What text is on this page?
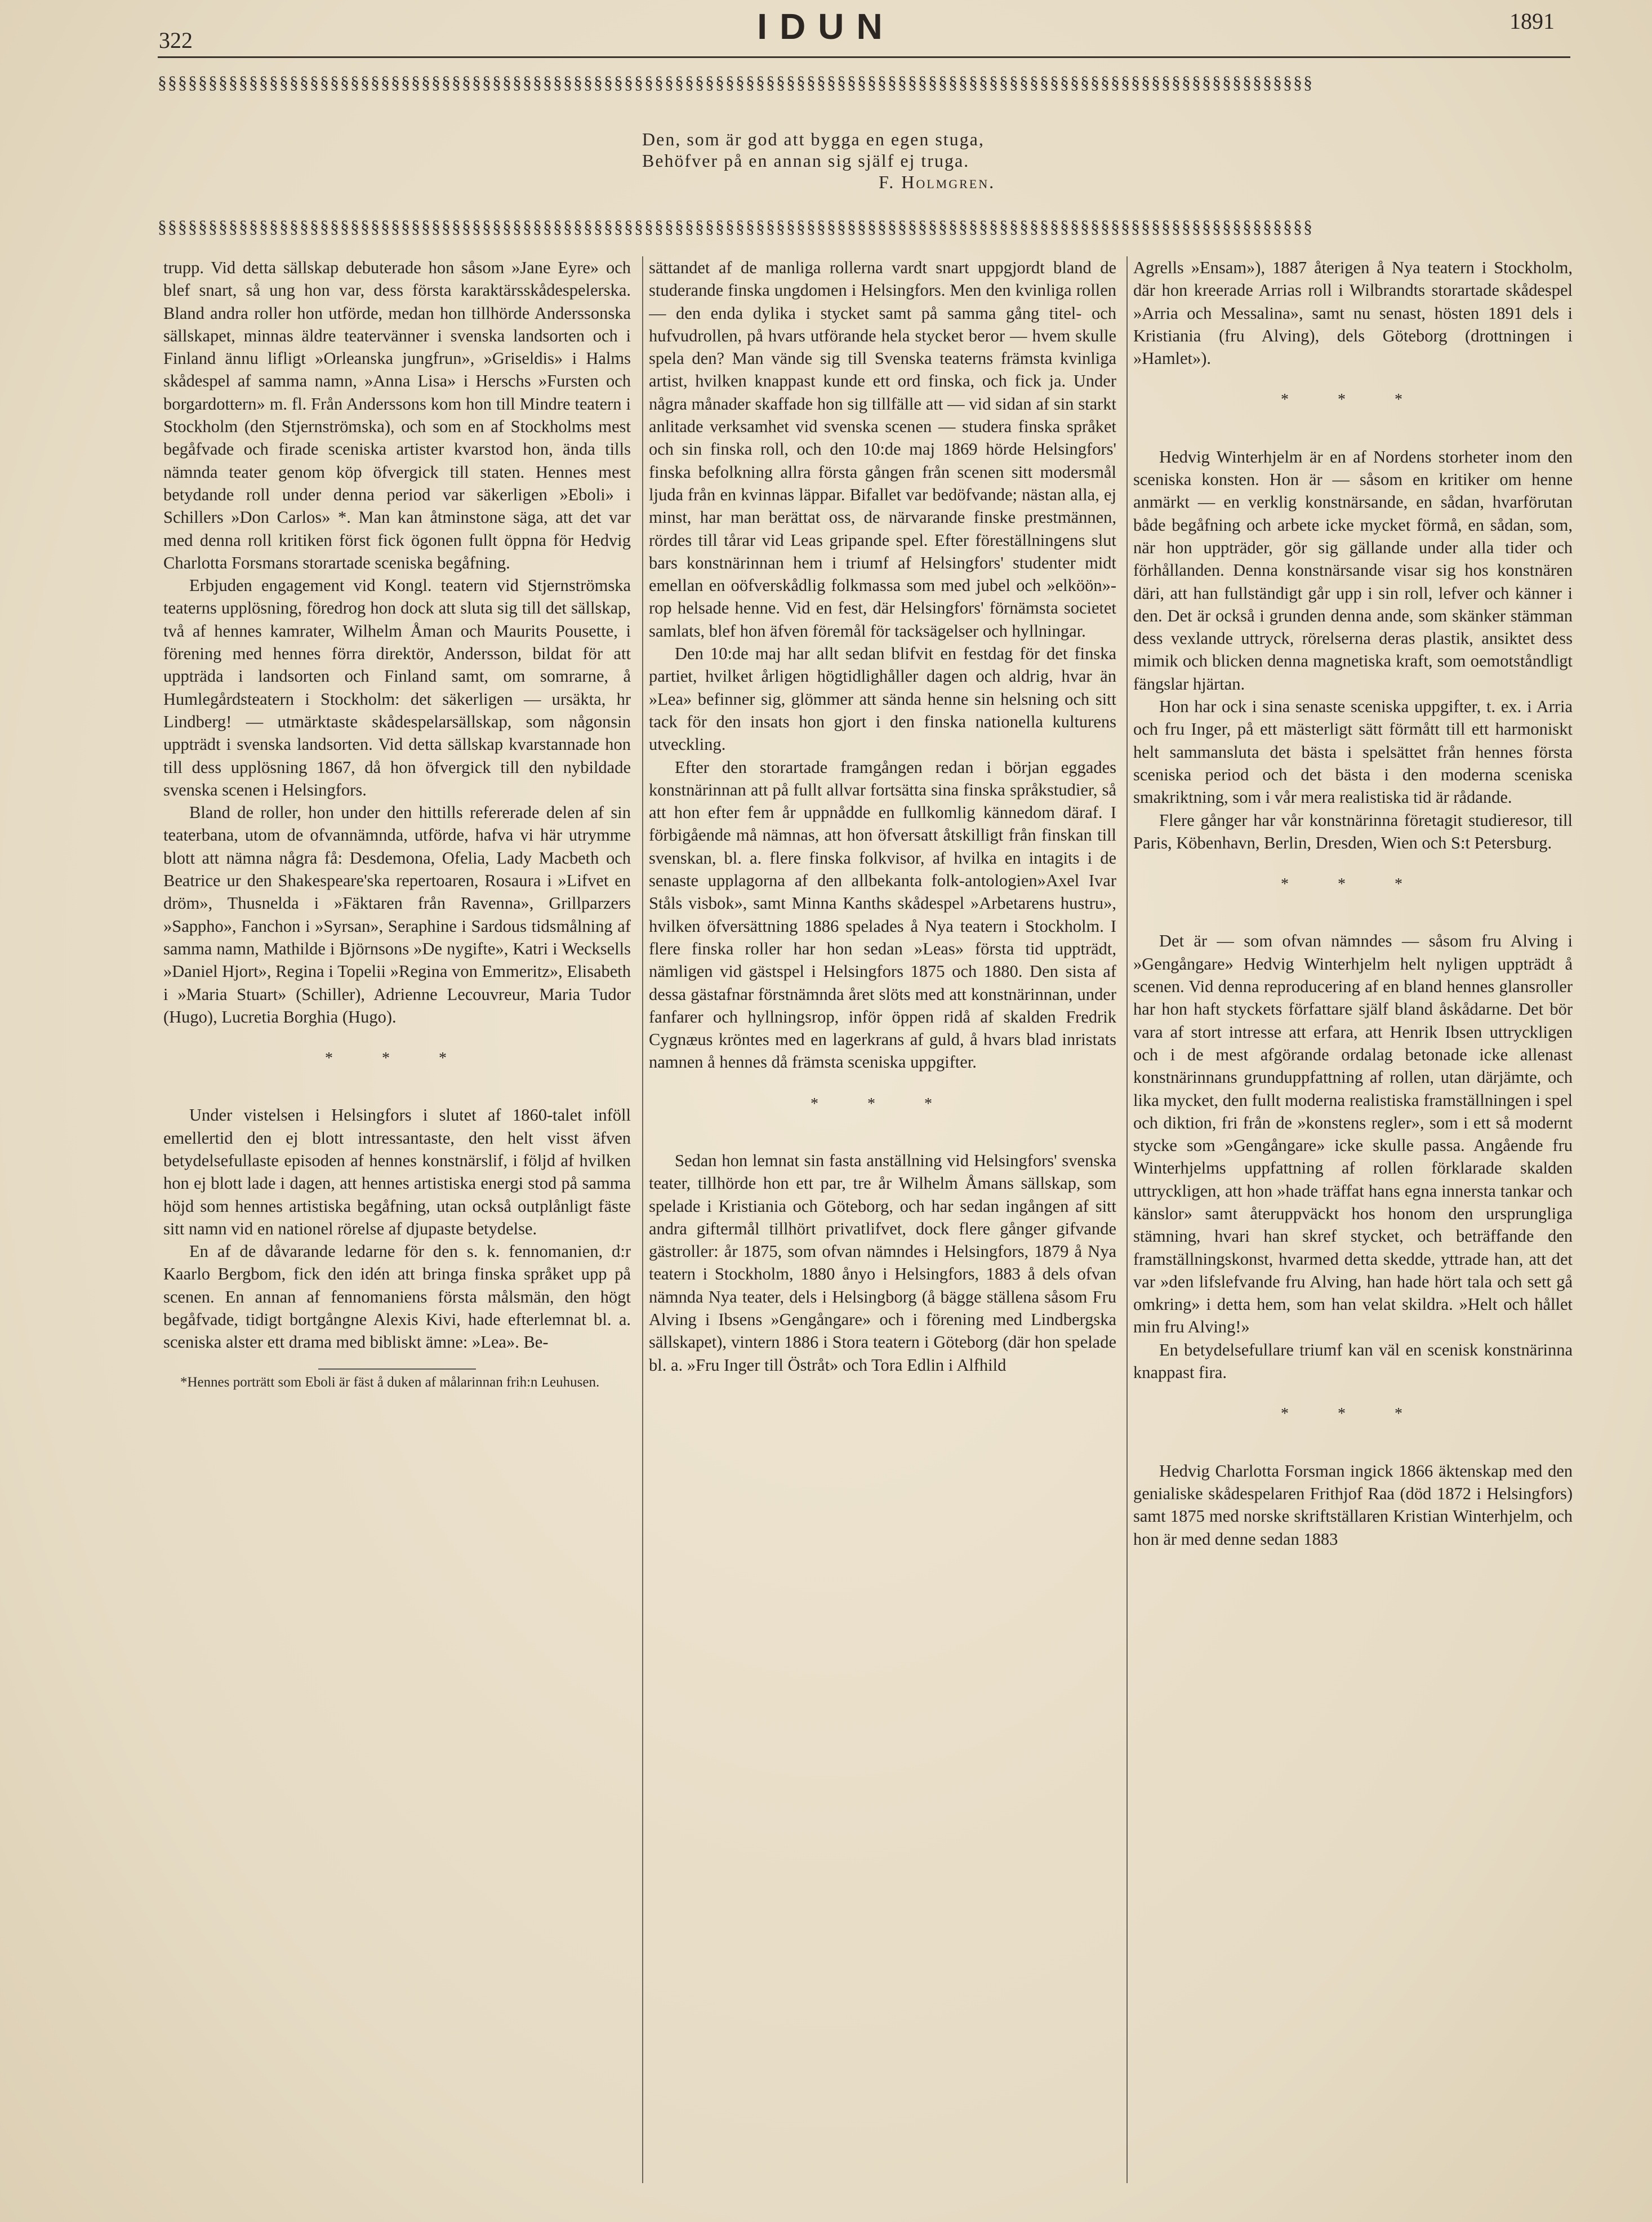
322	IDUN	1891
§§§§§§§§§§§§§§§§§§§§§§§§§§§§§§§§§§§§§§§§§§§§§§§§§§§§§§§§§§§§§§§§§§§§§§§§§§§§§§§§§§§§§§§§§§§§§§§§§§§§§§§§§§§§§§§§§§
Den, som är god att bygga en egen stuga,
Behöfver på en annan sig själf ej truga.
F. Holmgren.
§§§§§§§§§§§§§§§§§§§§§§§§§§§§§§§§§§§§§§§§§§§§§§§§§§§§§§§§§§§§§§§§§§§§§§§§§§§§§§§§§§§§§§§§§§§§§§§§§§§§§§§§§§§§§§§§§§

trupp. Vid detta sällskap debuterade hon såsom »Jane Eyre» och blef snart, så ung hon var, dess första karaktärsskådespelerska. Bland andra roller hon utförde, medan hon tillhörde Anderssonska sällskapet, minnas äldre teatervänner i svenska landsorten och i Finland ännu lifligt »Orleanska jungfrun», »Griseldis» i Halms skådespel af samma namn, »Anna Lisa» i Herschs »Fursten och borgardottern» m. fl. Från Anderssons kom hon till Mindre teatern i Stockholm (den Stjernströmska), och som en af Stockholms mest begåfvade och firade sceniska artister kvarstod hon, ända tills nämnda teater genom köp öfvergick till staten. Hennes mest betydande roll under denna period var säkerligen »Eboli» i Schillers »Don Carlos» *. Man kan åtminstone säga, att det var med denna roll kritiken först fick ögonen fullt öppna för Hedvig Charlotta Forsmans storartade sceniska begåfning.

Erbjuden engagement vid Kongl. teatern vid Stjernströmska teaterns upplösning, föredrog hon dock att sluta sig till det sällskap, två af hennes kamrater, Wilhelm Åman och Maurits Pousette, i förening med hennes förra direktör, Andersson, bildat för att uppträda i landsorten och Finland samt, om somrarne, å Humlegårdsteatern i Stockholm: det säkerligen — ursäkta, hr Lindberg! — utmärktaste skådespelarsällskap, som någonsin uppträdt i svenska landsorten. Vid detta sällskap kvarstannade hon till dess upplösning 1867, då hon öfvergick till den nybildade svenska scenen i Helsingfors.

Bland de roller, hon under den hittills refererade delen af sin teaterbana, utom de ofvannämnda, utförde, hafva vi här utrymme blott att nämna några få: Desdemona, Ofelia, Lady Macbeth och Beatrice ur den Shakespeare'ska repertoaren, Rosaura i »Lifvet en dröm», Thusnelda i »Fäktaren från Ravenna», Grillparzers »Sappho», Fanchon i »Syrsan», Seraphine i Sardous tidsmålning af samma namn, Mathilde i Björnsons »De nygifte», Katri i Wecksells »Daniel Hjort», Regina i Topelii »Regina von Emmeritz», Elisabeth i »Maria Stuart» (Schiller), Adrienne Lecouvreur, Maria Tudor (Hugo), Lucretia Borghia (Hugo).

* * *

Under vistelsen i Helsingfors i slutet af 1860-talet inföll emellertid den ej blott intressantaste, den helt visst äfven betydelsefullaste episoden af hennes konstnärslif, i följd af hvilken hon ej blott lade i dagen, att hennes artistiska energi stod på samma höjd som hennes artistiska begåfning, utan också outplånligt fäste sitt namn vid en nationel rörelse af djupaste betydelse.

En af de dåvarande ledarne för den s. k. fennomanien, d:r Kaarlo Bergbom, fick den idén att bringa finska språket upp på scenen. En annan af fennomaniens första målsmän, den högt begåfvade, tidigt bortgångne Alexis Kivi, hade efterlemnat bl. a. sceniska alster ett drama med bibliskt ämne: »Lea». Be-

*Hennes porträtt som Eboli är fäst å duken af målarinnan frih:n Leuhusen.

sättandet af de manliga rollerna vardt snart uppgjordt bland de studerande finska ungdomen i Helsingfors. Men den kvinliga rollen — den enda dylika i stycket samt på samma gång titel- och hufvudrollen, på hvars utförande hela stycket beror — hvem skulle spela den? Man vände sig till Svenska teaterns främsta kvinliga artist, hvilken knappast kunde ett ord finska, och fick ja. Under några månader skaffade hon sig tillfälle att — vid sidan af sin starkt anlitade verksamhet vid svenska scenen — studera finska språket och sin finska roll, och den 10:de maj 1869 hörde Helsingfors' finska befolkning allra första gången från scenen sitt modersmål ljuda från en kvinnas läppar. Bifallet var bedöfvande; nästan alla, ej minst, har man berättat oss, de närvarande finske prestmännen, rördes till tårar vid Leas gripande spel. Efter föreställningens slut bars konstnärinnan hem i triumf af Helsingfors' studenter midt emellan en oöfverskådlig folkmassa som med jubel och »elköön»-rop helsade henne. Vid en fest, där Helsingfors' förnämsta societet samlats, blef hon äfven föremål för tacksägelser och hyllningar.

Den 10:de maj har allt sedan blifvit en festdag för det finska partiet, hvilket årligen högtidlighåller dagen och aldrig, hvar än »Lea» befinner sig, glömmer att sända henne sin helsning och sitt tack för den insats hon gjort i den finska nationella kulturens utveckling.

Efter den storartade framgången redan i början eggades konstnärinnan att på fullt allvar fortsätta sina finska språkstudier, så att hon efter fem år uppnådde en fullkomlig kännedom däraf. I förbigående må nämnas, att hon öfversatt åtskilligt från finskan till svenskan, bl. a. flere finska folkvisor, af hvilka en intagits i de senaste upplagorna af den allbekanta folk-antologien»Axel Ivar Ståls visbok», samt Minna Kanths skådespel »Arbetarens hustru», hvilken öfversättning 1886 spelades å Nya teatern i Stockholm. I flere finska roller har hon sedan »Leas» första tid uppträdt, nämligen vid gästspel i Helsingfors 1875 och 1880. Den sista af dessa gästafnar förstnämnda året slöts med att konstnärinnan, under fanfarer och hyllningsrop, inför öppen ridå af skalden Fredrik Cygnæus kröntes med en lagerkrans af guld, å hvars blad inristats namnen å hennes då främsta sceniska uppgifter.

* * *

Sedan hon lemnat sin fasta anställning vid Helsingfors' svenska teater, tillhörde hon ett par, tre år Wilhelm Åmans sällskap, som spelade i Kristiania och Göteborg, och har sedan ingången af sitt andra giftermål tillhört privatlifvet, dock flere gånger gifvande gästroller: år 1875, som ofvan nämndes i Helsingfors, 1879 å Nya teatern i Stockholm, 1880 ånyo i Helsingfors, 1883 å dels ofvan nämnda Nya teater, dels i Helsingborg (å bägge ställena såsom Fru Alving i Ibsens »Gengångare» och i förening med Lindbergska sällskapet), vintern 1886 i Stora teatern i Göteborg (där hon spelade bl. a. »Fru Inger till Östråt» och Tora Edlin i Alfhild

Agrells »Ensam»), 1887 återigen å Nya teatern i Stockholm, där hon kreerade Arrias roll i Wilbrandts storartade skådespel »Arria och Messalina», samt nu senast, hösten 1891 dels i Kristiania (fru Alving), dels Göteborg (drottningen i »Hamlet»).

* * *

Hedvig Winterhjelm är en af Nordens storheter inom den sceniska konsten. Hon är — såsom en kritiker om henne anmärkt — en verklig konstnärsande, en sådan, hvarförutan både begåfning och arbete icke mycket förmå, en sådan, som, när hon uppträder, gör sig gällande under alla tider och förhållanden. Denna konstnärsande visar sig hos konstnären däri, att han fullständigt går upp i sin roll, lefver och känner i den. Det är också i grunden denna ande, som skänker stämman dess vexlande uttryck, rörelserna deras plastik, ansiktet dess mimik och blicken denna magnetiska kraft, som oemotståndligt fängslar hjärtan.

Hon har ock i sina senaste sceniska uppgifter, t. ex. i Arria och fru Inger, på ett mästerligt sätt förmått till ett harmoniskt helt sammansluta det bästa i spelsättet från hennes första sceniska period och det bästa i den moderna sceniska smakriktning, som i vår mera realistiska tid är rådande.

Flere gånger har vår konstnärinna företagit studieresor, till Paris, Köbenhavn, Berlin, Dresden, Wien och S:t Petersburg.

* * *

Det är — som ofvan nämndes — såsom fru Alving i »Gengångare» Hedvig Winterhjelm helt nyligen uppträdt å scenen. Vid denna reproducering af en bland hennes glansroller har hon haft styckets författare själf bland åskådarne. Det bör vara af stort intresse att erfara, att Henrik Ibsen uttryckligen och i de mest afgörande ordalag betonade icke allenast konstnärinnans grunduppfattning af rollen, utan därjämte, och lika mycket, den fullt moderna realistiska framställningen i spel och diktion, fri från de »konstens regler», som i ett så modernt stycke som »Gengångare» icke skulle passa. Angående fru Winterhjelms uppfattning af rollen förklarade skalden uttryckligen, att hon »hade träffat hans egna innersta tankar och känslor» samt återuppväckt hos honom den ursprungliga stämning, hvari han skref stycket, och beträffande den framställningskonst, hvarmed detta skedde, yttrade han, att det var »den lifslefvande fru Alving, han hade hört tala och sett gå omkring» i detta hem, som han velat skildra. »Helt och hållet min fru Alving!»

En betydelsefullare triumf kan väl en scenisk konstnärinna knappast fira.

* * *

Hedvig Charlotta Forsman ingick 1866 äktenskap med den genialiske skådespelaren Frithjof Raa (död 1872 i Helsingfors) samt 1875 med norske skriftställaren Kristian Winterhjelm, och hon är med denne sedan 1883
